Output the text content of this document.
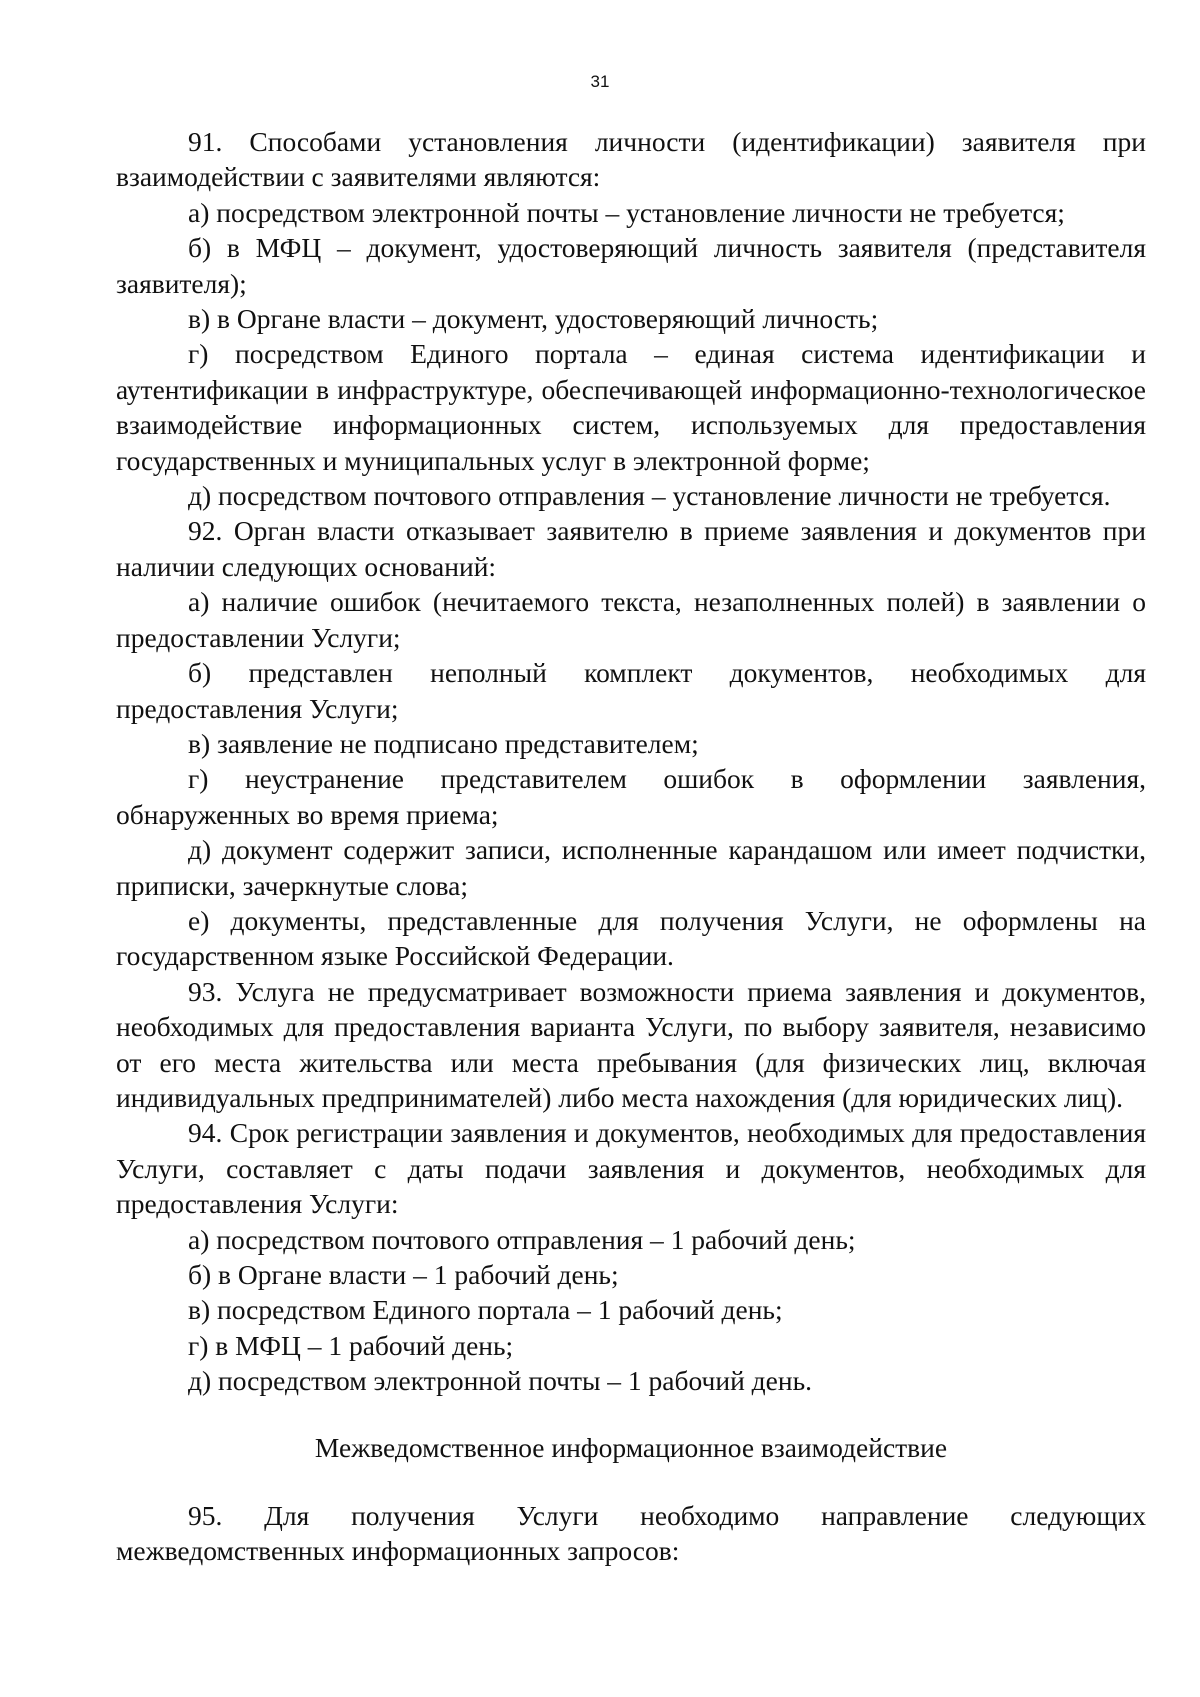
31

91. Способами установления личности (идентификации) заявителя при взаимодействии с заявителями являются:

а) посредством электронной почты – установление личности не требуется;

б) в МФЦ – документ, удостоверяющий личность заявителя (представителя заявителя);

в) в Органе власти – документ, удостоверяющий личность;

г) посредством Единого портала – единая система идентификации и аутентификации в инфраструктуре, обеспечивающей информационно-технологическое взаимодействие информационных систем, используемых для предоставления государственных и муниципальных услуг в электронной форме;

д) посредством почтового отправления – установление личности не требуется.

92. Орган власти отказывает заявителю в приеме заявления и документов при наличии следующих оснований:

а) наличие ошибок (нечитаемого текста, незаполненных полей) в заявлении о предоставлении Услуги;

б) представлен неполный комплект документов, необходимых для предоставления Услуги;

в) заявление не подписано представителем;

г) неустранение представителем ошибок в оформлении заявления, обнаруженных во время приема;

д) документ содержит записи, исполненные карандашом или имеет подчистки, приписки, зачеркнутые слова;

е) документы, представленные для получения Услуги, не оформлены на государственном языке Российской Федерации.

93. Услуга не предусматривает возможности приема заявления и документов, необходимых для предоставления варианта Услуги, по выбору заявителя, независимо от его места жительства или места пребывания (для физических лиц, включая индивидуальных предпринимателей) либо места нахождения (для юридических лиц).

94. Срок регистрации заявления и документов, необходимых для предоставления Услуги, составляет с даты подачи заявления и документов, необходимых для предоставления Услуги:

а) посредством почтового отправления – 1 рабочий день;

б) в Органе власти – 1 рабочий день;

в) посредством Единого портала – 1 рабочий день;

г) в МФЦ – 1 рабочий день;

д) посредством электронной почты – 1 рабочий день.

Межведомственное информационное взаимодействие

95. Для получения Услуги необходимо направление следующих межведомственных информационных запросов:
